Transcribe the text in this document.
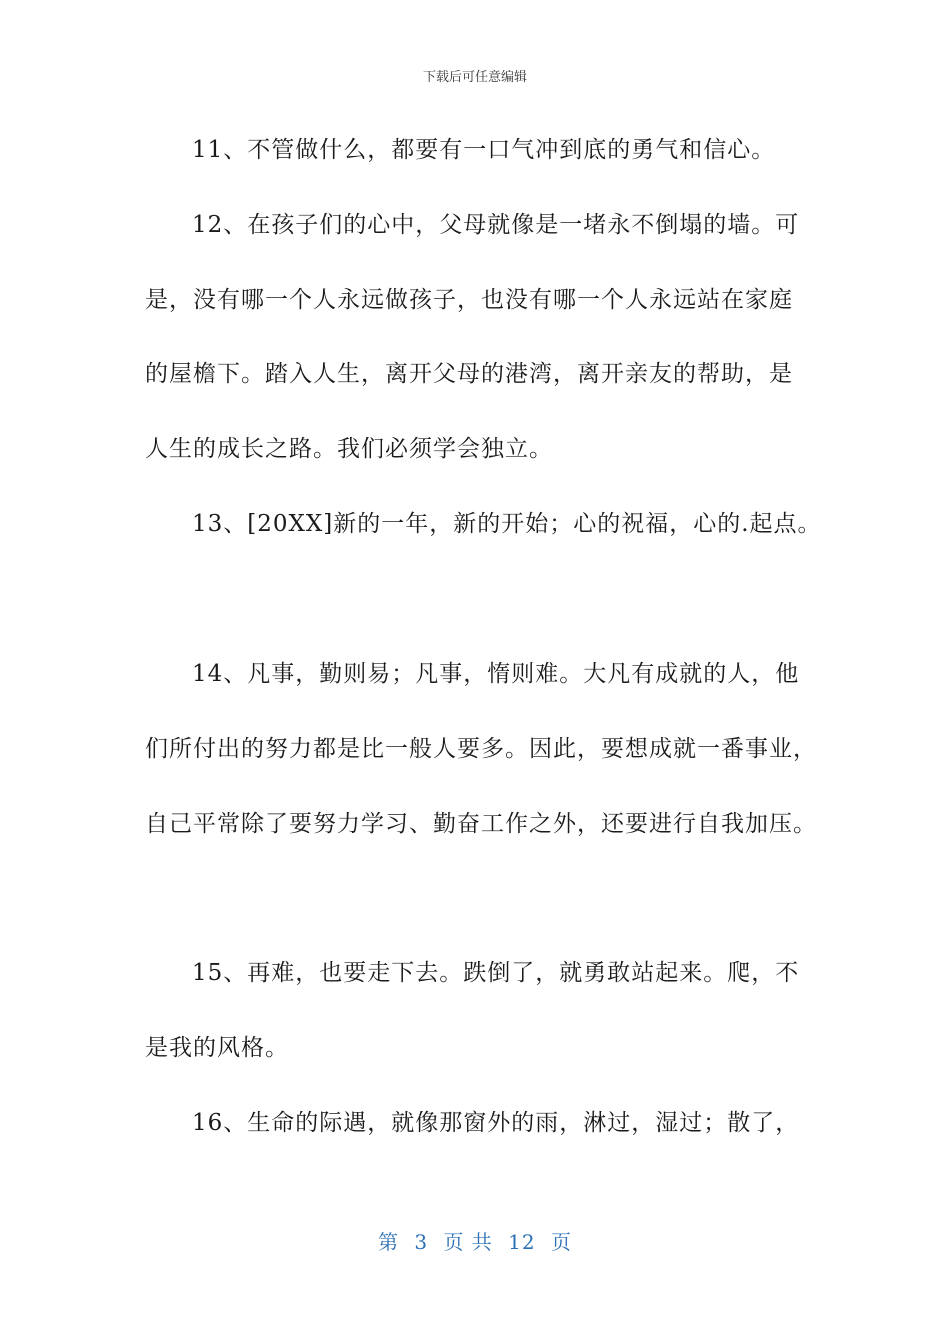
下载后可任意编辑
11、不管做什么，都要有一口气冲到底的勇气和信心。
12、在孩子们的心中，父母就像是一堵永不倒塌的墙。可
是，没有哪一个人永远做孩子，也没有哪一个人永远站在家庭
的屋檐下。踏入人生，离开父母的港湾，离开亲友的帮助，是
人生的成长之路。我们必须学会独立。
13、[20XX]新的一年，新的开始；心的祝福，心的.起点。
14、凡事，勤则易；凡事，惰则难。大凡有成就的人，他
们所付出的努力都是比一般人要多。因此，要想成就一番事业，
自己平常除了要努力学习、勤奋工作之外，还要进行自我加压。
15、再难，也要走下去。跌倒了，就勇敢站起来。爬，不
是我的风格。
16、生命的际遇，就像那窗外的雨，淋过，湿过；散了，
第 3 页 共 12 页
